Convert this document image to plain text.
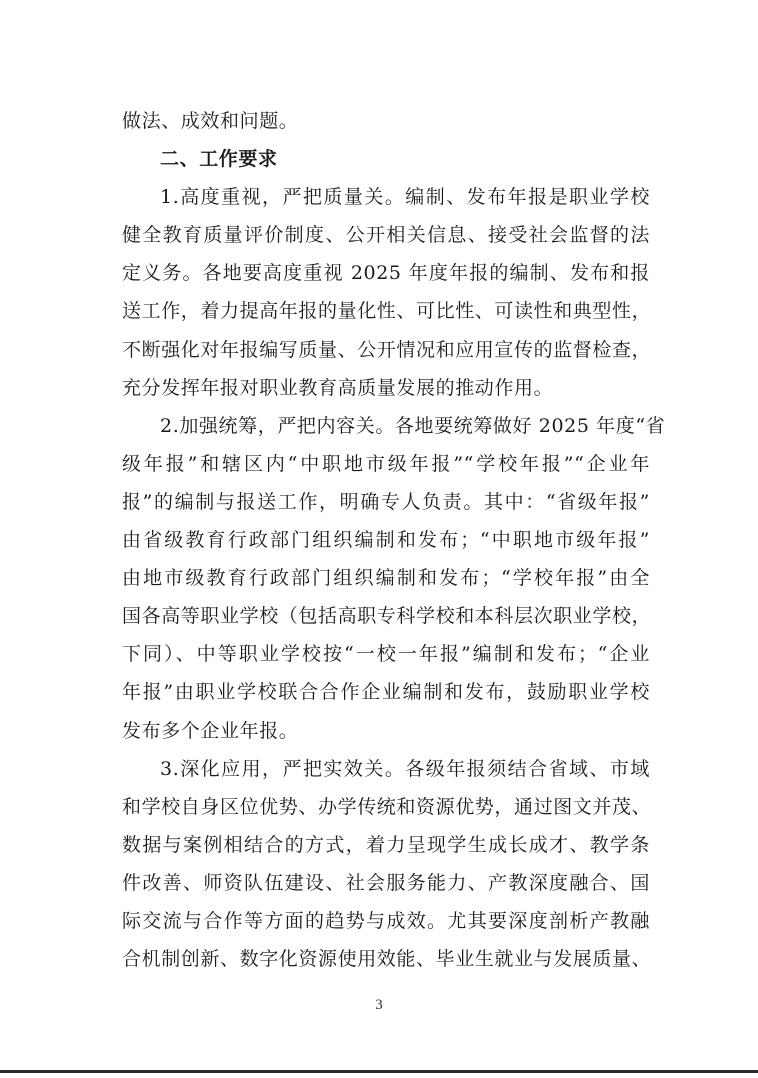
做法、成效和问题。
二、工作要求
1.高度重视，严把质量关。编制、发布年报是职业学校
健全教育质量评价制度、公开相关信息、接受社会监督的法
定义务。各地要高度重视 2025 年度年报的编制、发布和报
送工作，着力提高年报的量化性、可比性、可读性和典型性，
不断强化对年报编写质量、公开情况和应用宣传的监督检查，
充分发挥年报对职业教育高质量发展的推动作用。
2.加强统筹，严把内容关。各地要统筹做好 2025 年度“省
级年报”和辖区内“中职地市级年报”“学校年报”“企业年
报”的编制与报送工作，明确专人负责。其中：“省级年报”
由省级教育行政部门组织编制和发布；“中职地市级年报”
由地市级教育行政部门组织编制和发布；“学校年报”由全
国各高等职业学校（包括高职专科学校和本科层次职业学校，
下同）、中等职业学校按“一校一年报”编制和发布；“企业
年报”由职业学校联合合作企业编制和发布，鼓励职业学校
发布多个企业年报。
3.深化应用，严把实效关。各级年报须结合省域、市域
和学校自身区位优势、办学传统和资源优势，通过图文并茂、
数据与案例相结合的方式，着力呈现学生成长成才、教学条
件改善、师资队伍建设、社会服务能力、产教深度融合、国
际交流与合作等方面的趋势与成效。尤其要深度剖析产教融
合机制创新、数字化资源使用效能、毕业生就业与发展质量、
3
